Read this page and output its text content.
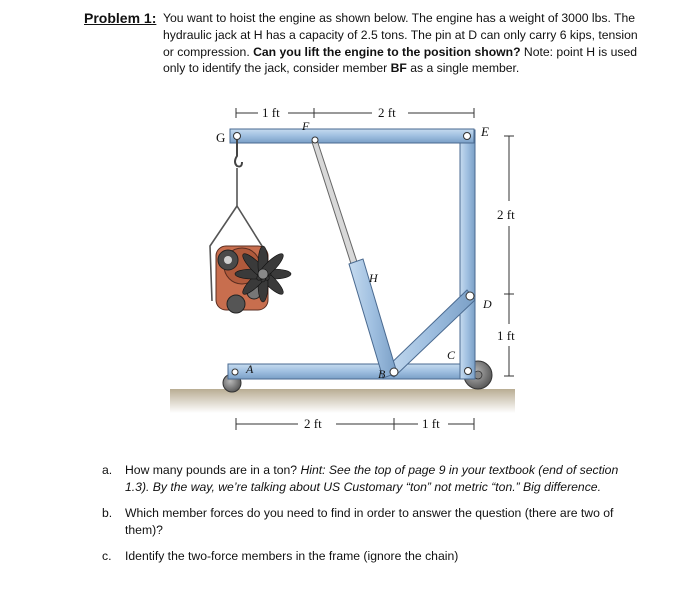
Problem 1: You want to hoist the engine as shown below. The engine has a weight of 3000 lbs. The hydraulic jack at H has a capacity of 2.5 tons. The pin at D can only carry 6 kips, tension or compression. Can you lift the engine to the position shown? Note: point H is used only to identify the jack, consider member BF as a single member.
1 ft	2 ft
2 ft
1 ft
2 ft	1 ft
G
F	E
H
D
C
B
A
a. How many pounds are in a ton? Hint: See the top of page 9 in your textbook (end of section 1.3). By the way, we’re talking about US Customary “ton” not metric “ton.” Big difference.
b. Which member forces do you need to find in order to answer the question (there are two of them)?
c. Identify the two-force members in the frame (ignore the chain)
